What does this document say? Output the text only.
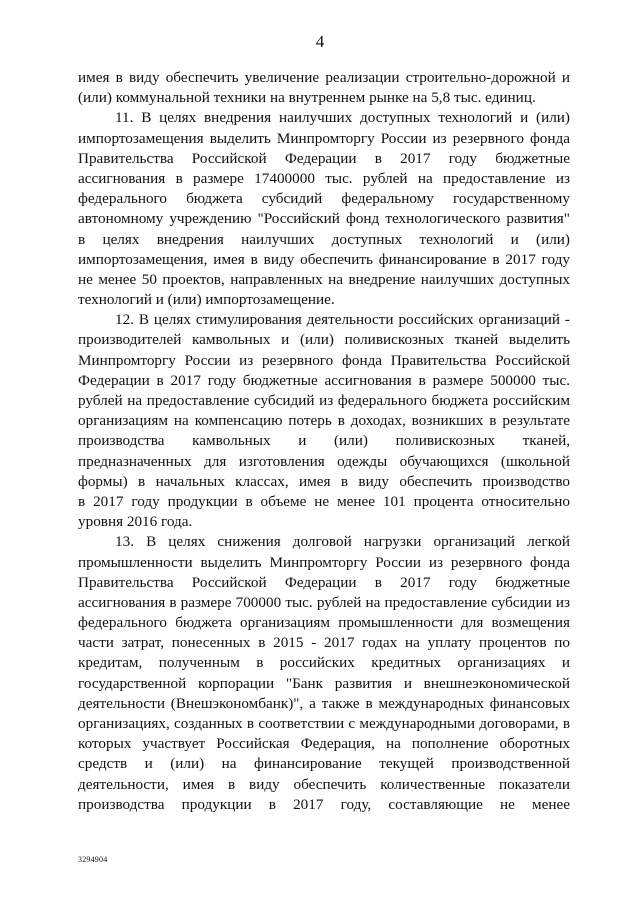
4
имея в виду обеспечить увеличение реализации строительно-дорожной и
(или) коммунальной техники на внутреннем рынке на 5,8 тыс. единиц.
11. В целях внедрения наилучших доступных технологий и (или)
импортозамещения выделить Минпромторгу России из резервного фонда
Правительства Российской Федерации в 2017 году бюджетные
ассигнования в размере 17400000 тыс. рублей на предоставление из
федерального бюджета субсидий федеральному государственному
автономному учреждению "Российский фонд технологического развития"
в целях внедрения наилучших доступных технологий и (или)
импортозамещения, имея в виду обеспечить финансирование в 2017 году
не менее 50 проектов, направленных на внедрение наилучших доступных
технологий и (или) импортозамещение.
12. В целях стимулирования деятельности российских организаций -
производителей камвольных и (или) поливискозных тканей выделить
Минпромторгу России из резервного фонда Правительства Российской
Федерации в 2017 году бюджетные ассигнования в размере 500000 тыс.
рублей на предоставление субсидий из федерального бюджета российским
организациям на компенсацию потерь в доходах, возникших в результате
производства камвольных и (или) поливискозных тканей,
предназначенных для изготовления одежды обучающихся (школьной
формы) в начальных классах, имея в виду обеспечить производство
в 2017 году продукции в объеме не менее 101 процента относительно
уровня 2016 года.
13. В целях снижения долговой нагрузки организаций легкой
промышленности выделить Минпромторгу России из резервного фонда
Правительства Российской Федерации в 2017 году бюджетные
ассигнования в размере 700000 тыс. рублей на предоставление субсидии из
федерального бюджета организациям промышленности для возмещения
части затрат, понесенных в 2015 - 2017 годах на уплату процентов по
кредитам, полученным в российских кредитных организациях и
государственной корпорации "Банк развития и внешнеэкономической
деятельности (Внешэкономбанк)", а также в международных финансовых
организациях, созданных в соответствии с международными договорами, в
которых участвует Российская Федерация, на пополнение оборотных
средств и (или) на финансирование текущей производственной
деятельности, имея в виду обеспечить количественные показатели
производства продукции в 2017 году, составляющие не менее
3294904
